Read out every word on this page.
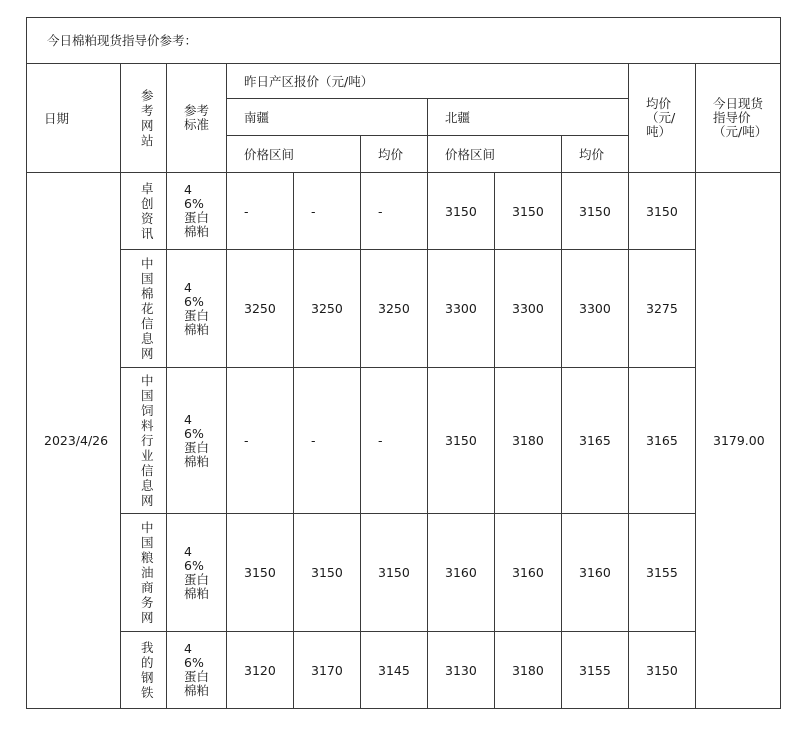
今日棉粕现货指导价参考：										
日期	参考网站	参考标准	昨日产区报价（元/吨）						均价（元/吨）	今日现货指导价（元/吨）

			南疆			北疆				
			价格区间		均价	价格区间		均价		
2023/4/26	卓创资讯	46%蛋白棉粕	-	-	-	3150	3150	3150	3150	3179.00

	中国棉花信息网	46%蛋白棉粕	3250	3250	3250	3300	3300	3300	3275	

	中国饲料行业信息网	46%蛋白棉粕	-	-	-	3150	3180	3165	3165	

	中国粮油商务网	46%蛋白棉粕	3150	3150	3150	3160	3160	3160	3155	

	我的钢铁	46%蛋白棉粕	3120	3170	3145	3130	3180	3155	3150	
